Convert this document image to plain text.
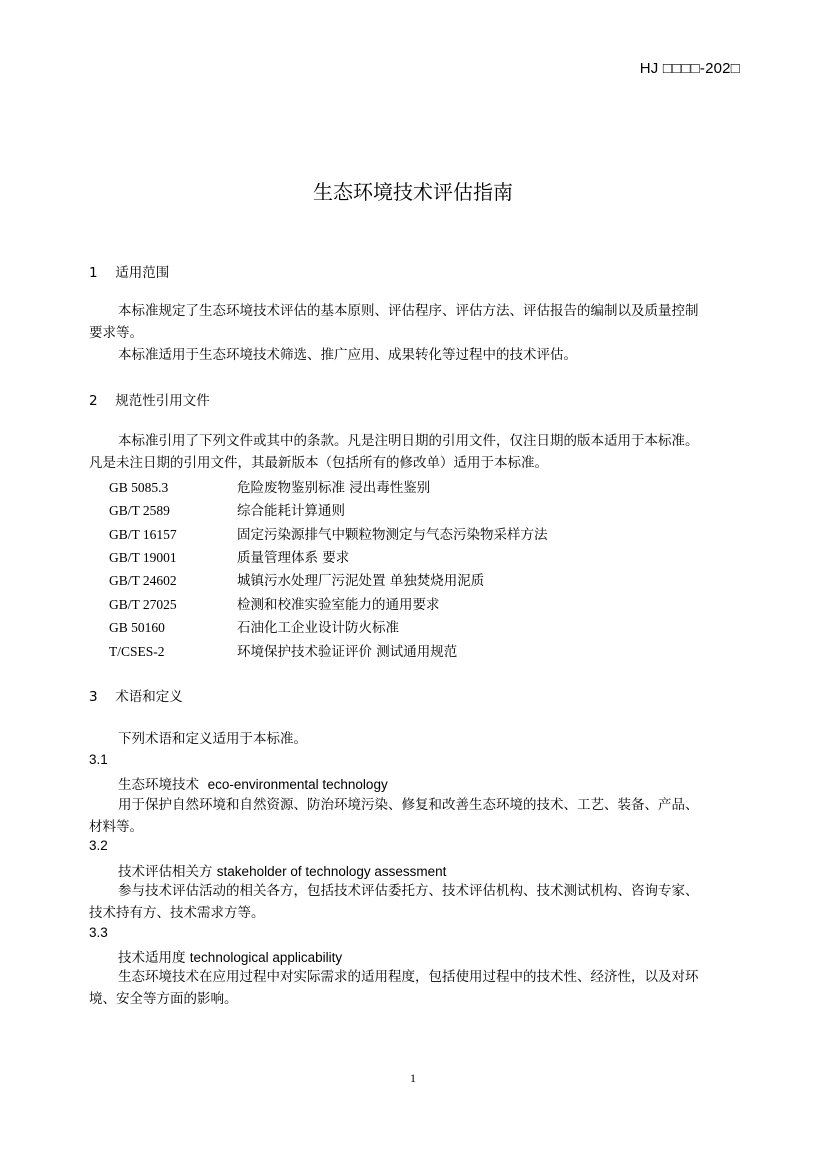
HJ □□□□-202□
生态环境技术评估指南
1 适用范围
本标准规定了生态环境技术评估的基本原则、评估程序、评估方法、评估报告的编制以及质量控制
要求等。
本标准适用于生态环境技术筛选、推广应用、成果转化等过程中的技术评估。
2 规范性引用文件
本标准引用了下列文件或其中的条款。凡是注明日期的引用文件，仅注日期的版本适用于本标准。
凡是未注日期的引用文件，其最新版本（包括所有的修改单）适用于本标准。
GB 5085.3	危险废物鉴别标准 浸出毒性鉴别
GB/T 2589	综合能耗计算通则
GB/T 16157	固定污染源排气中颗粒物测定与气态污染物采样方法
GB/T 19001	质量管理体系 要求
GB/T 24602	城镇污水处理厂污泥处置 单独焚烧用泥质
GB/T 27025	检测和校准实验室能力的通用要求
GB 50160	石油化工企业设计防火标准
T/CSES-2	环境保护技术验证评价 测试通用规范
3 术语和定义
下列术语和定义适用于本标准。
3.1
生态环境技术 eco-environmental technology
用于保护自然环境和自然资源、防治环境污染、修复和改善生态环境的技术、工艺、装备、产品、
材料等。
3.2
技术评估相关方 stakeholder of technology assessment
参与技术评估活动的相关各方，包括技术评估委托方、技术评估机构、技术测试机构、咨询专家、
技术持有方、技术需求方等。
3.3
技术适用度 technological applicability
生态环境技术在应用过程中对实际需求的适用程度，包括使用过程中的技术性、经济性，以及对环
境、安全等方面的影响。
1
